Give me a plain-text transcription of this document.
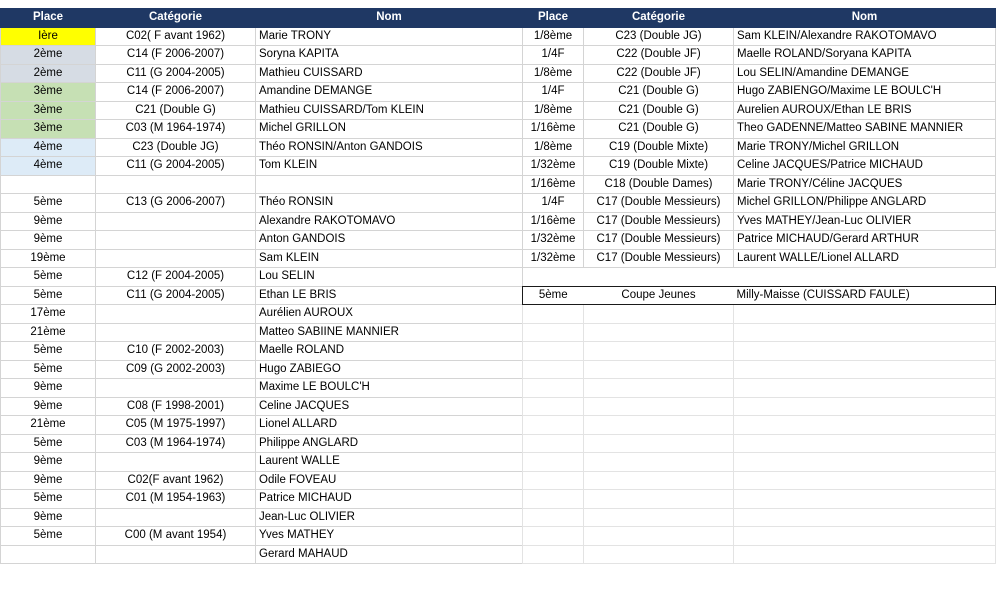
Place	Catégorie	Nom
Ière	C02( F avant 1962)	Marie TRONY
2ème	C14 (F 2006-2007)	Soryna KAPITA
2ème	C11 (G 2004-2005)	Mathieu CUISSARD
3ème	C14 (F 2006-2007)	Amandine DEMANGE
3ème	C21 (Double G)	Mathieu CUISSARD/Tom KLEIN
3ème	C03 (M 1964-1974)	Michel GRILLON
4ème	C23 (Double JG)	Théo RONSIN/Anton GANDOIS
4ème	C11 (G 2004-2005)	Tom KLEIN

5ème	C13 (G 2006-2007)	Théo RONSIN
9ème		Alexandre RAKOTOMAVO
9ème		Anton GANDOIS
19ème		Sam KLEIN
5ème	C12 (F 2004-2005)	Lou SELIN
5ème	C11 (G 2004-2005)	Ethan LE BRIS
17ème		Aurélien AUROUX
21ème		Matteo SABIINE MANNIER
5ème	C10 (F 2002-2003)	Maelle ROLAND
5ème	C09 (G 2002-2003)	Hugo ZABIEGO
9ème		Maxime LE BOULC'H
9ème	C08 (F 1998-2001)	Celine JACQUES
21ème	C05 (M 1975-1997)	Lionel ALLARD
5ème	C03 (M 1964-1974)	Philippe ANGLARD
9ème		Laurent WALLE
9ème	C02(F avant 1962)	Odile FOVEAU
5ème	C01 (M 1954-1963)	Patrice MICHAUD
9ème		Jean-Luc OLIVIER
5ème	C00 (M avant 1954)	Yves MATHEY
		Gerard MAHAUD
Place	Catégorie	Nom
1/8ème	C23 (Double JG)	Sam KLEIN/Alexandre RAKOTOMAVO
1/4F	C22 (Double JF)	Maelle ROLAND/Soryana KAPITA
1/8ème	C22 (Double JF)	Lou SELIN/Amandine DEMANGE
1/4F	C21 (Double G)	Hugo ZABIENGO/Maxime LE BOULC'H
1/8ème	C21 (Double G)	Aurelien AUROUX/Ethan LE BRIS
1/16ème	C21 (Double G)	Theo GADENNE/Matteo SABINE MANNIER
1/8ème	C19 (Double Mixte)	Marie TRONY/Michel GRILLON
1/32ème	C19 (Double Mixte)	Celine JACQUES/Patrice MICHAUD
1/16ème	C18 (Double Dames)	Marie TRONY/Céline JACQUES
1/4F	C17 (Double Messieurs)	Michel GRILLON/Philippe ANGLARD
1/16ème	C17 (Double Messieurs)	Yves MATHEY/Jean-Luc OLIVIER
1/32ème	C17 (Double Messieurs)	Patrice MICHAUD/Gerard ARTHUR
1/32ème	C17 (Double Messieurs)	Laurent WALLE/Lionel ALLARD

5ème	Coupe Jeunes	Milly-Maisse (CUISSARD FAULE)
